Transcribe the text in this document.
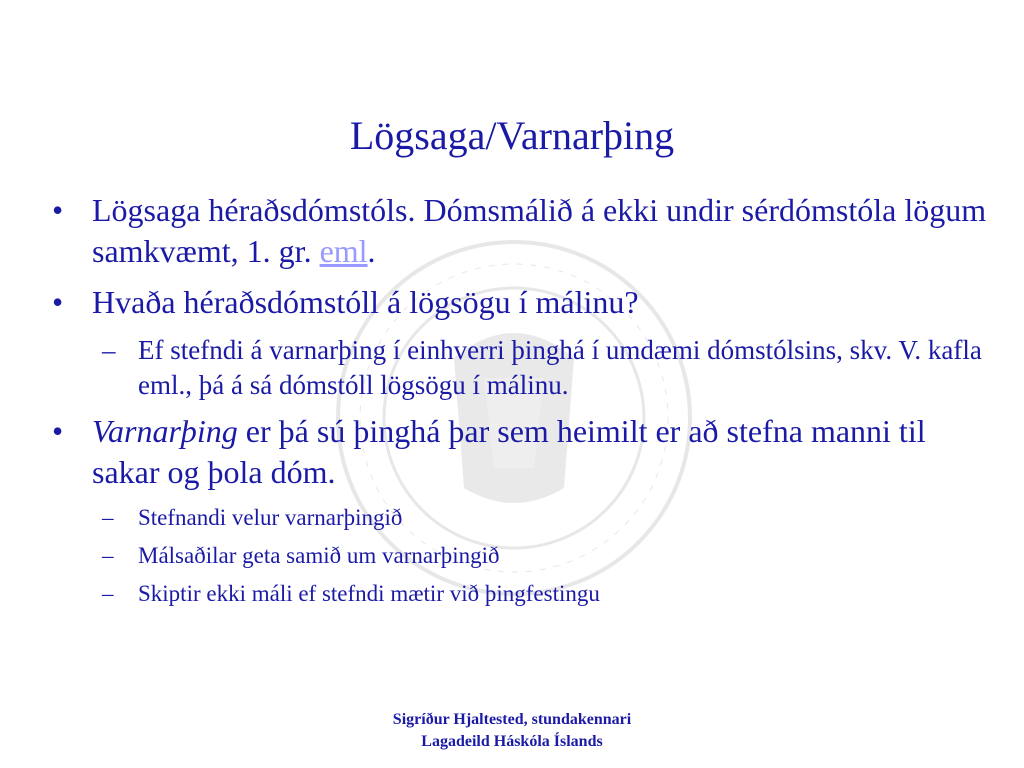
Lögsaga/Varnarþing
• Lögsaga héraðsdómstóls. Dómsmálið á ekki undir sérdómstóla lögum samkvæmt, 1. gr. eml.
• Hvaða héraðsdómstóll á lögsögu í málinu?
– Ef stefndi á varnarþing í einhverri þinghá í umdæmi dómstólsins, skv. V. kafla eml., þá á sá dómstóll lögsögu í málinu.
• Varnarþing er þá sú þinghá þar sem heimilt er að stefna manni til sakar og þola dóm.
– Stefnandi velur varnarþingið
– Málsaðilar geta samið um varnarþingið
– Skiptir ekki máli ef stefndi mætir við þingfestingu
Sigríður Hjaltested, stundakennari
Lagadeild Háskóla Íslands
